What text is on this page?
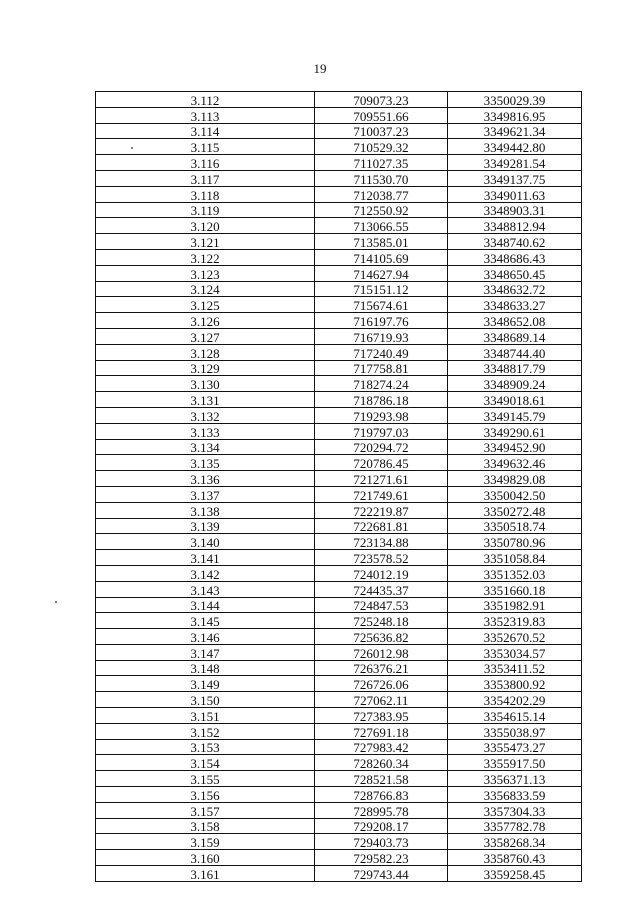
19
3.112	709073.23	3350029.39
3.113	709551.66	3349816.95
3.114	710037.23	3349621.34
3.115	710529.32	3349442.80
3.116	711027.35	3349281.54
3.117	711530.70	3349137.75
3.118	712038.77	3349011.63
3.119	712550.92	3348903.31
3.120	713066.55	3348812.94
3.121	713585.01	3348740.62
3.122	714105.69	3348686.43
3.123	714627.94	3348650.45
3.124	715151.12	3348632.72
3.125	715674.61	3348633.27
3.126	716197.76	3348652.08
3.127	716719.93	3348689.14
3.128	717240.49	3348744.40
3.129	717758.81	3348817.79
3.130	718274.24	3348909.24
3.131	718786.18	3349018.61
3.132	719293.98	3349145.79
3.133	719797.03	3349290.61
3.134	720294.72	3349452.90
3.135	720786.45	3349632.46
3.136	721271.61	3349829.08
3.137	721749.61	3350042.50
3.138	722219.87	3350272.48
3.139	722681.81	3350518.74
3.140	723134.88	3350780.96
3.141	723578.52	3351058.84
3.142	724012.19	3351352.03
3.143	724435.37	3351660.18
3.144	724847.53	3351982.91
3.145	725248.18	3352319.83
3.146	725636.82	3352670.52
3.147	726012.98	3353034.57
3.148	726376.21	3353411.52
3.149	726726.06	3353800.92
3.150	727062.11	3354202.29
3.151	727383.95	3354615.14
3.152	727691.18	3355038.97
3.153	727983.42	3355473.27
3.154	728260.34	3355917.50
3.155	728521.58	3356371.13
3.156	728766.83	3356833.59
3.157	728995.78	3357304.33
3.158	729208.17	3357782.78
3.159	729403.73	3358268.34
3.160	729582.23	3358760.43
3.161	729743.44	3359258.45
